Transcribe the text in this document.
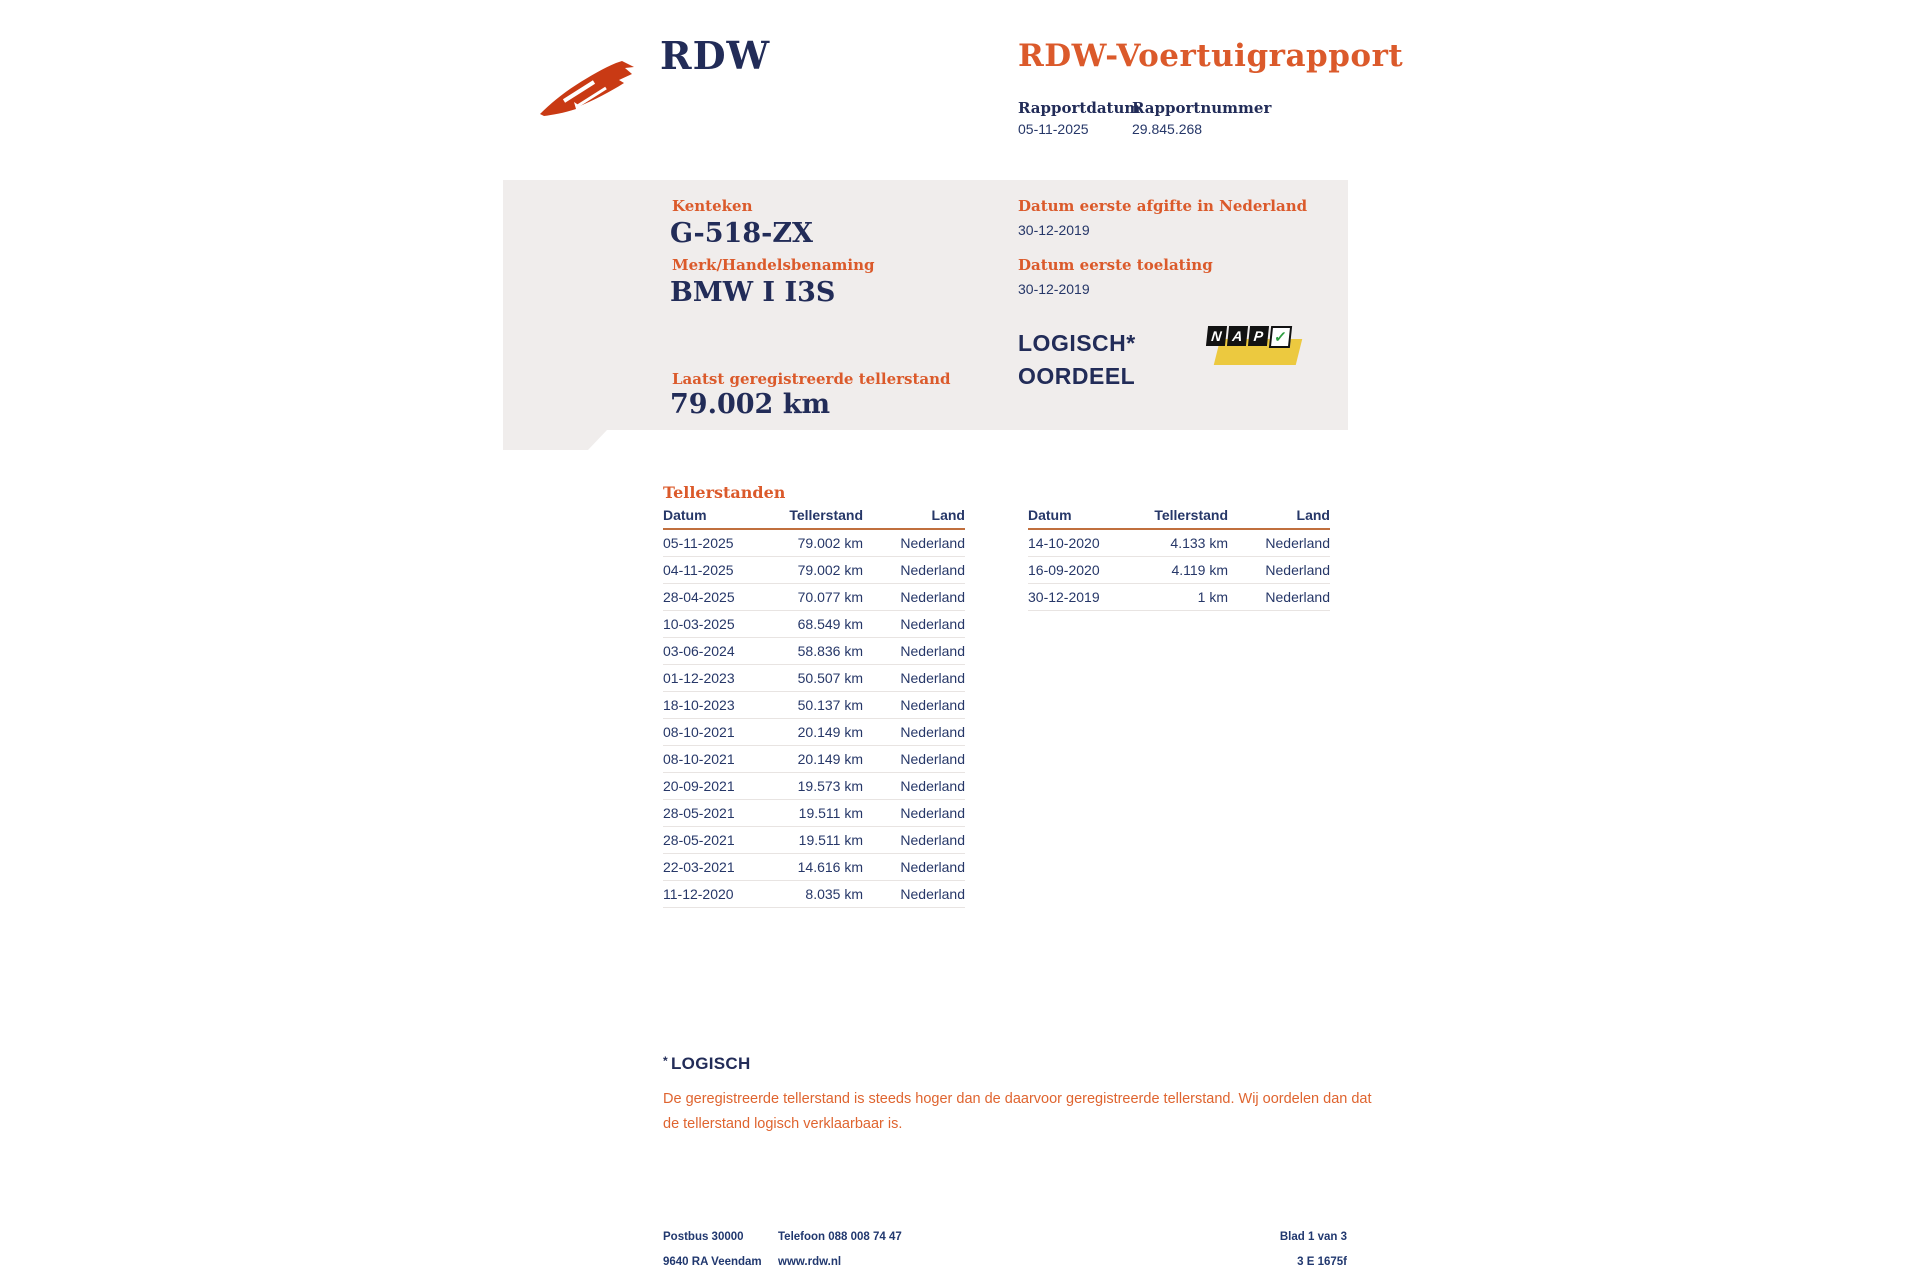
RDW	RDW-Voertuigrapport
Rapportdatum
Rapportnummer
05-11-2025	29.845.268
Kenteken
G-518-ZX
Merk/Handelsbenaming
BMW I I3S
Datum eerste afgifte in Nederland
30-12-2019
Datum eerste toelating
30-12-2019
Laatst geregistreerde tellerstand
79.002 km
LOGISCH*
OORDEEL
N A P ✓
Tellerstanden
Datum	Tellerstand	Land
05-11-2025	79.002 km	Nederland
04-11-2025	79.002 km	Nederland
28-04-2025	70.077 km	Nederland
10-03-2025	68.549 km	Nederland
03-06-2024	58.836 km	Nederland
01-12-2023	50.507 km	Nederland
18-10-2023	50.137 km	Nederland
08-10-2021	20.149 km	Nederland
08-10-2021	20.149 km	Nederland
20-09-2021	19.573 km	Nederland
28-05-2021	19.511 km	Nederland
28-05-2021	19.511 km	Nederland
22-03-2021	14.616 km	Nederland
11-12-2020	8.035 km	Nederland
Datum	Tellerstand	Land
14-10-2020	4.133 km	Nederland
16-09-2020	4.119 km	Nederland
30-12-2019	1 km	Nederland
* LOGISCH
De geregistreerde tellerstand is steeds hoger dan de daarvoor geregistreerde tellerstand. Wij oordelen dan dat de tellerstand logisch verklaarbaar is.
Postbus 30000
9640 RA Veendam
Telefoon 088 008 74 47
www.rdw.nl
Blad 1 van 3
3 E 1675f
